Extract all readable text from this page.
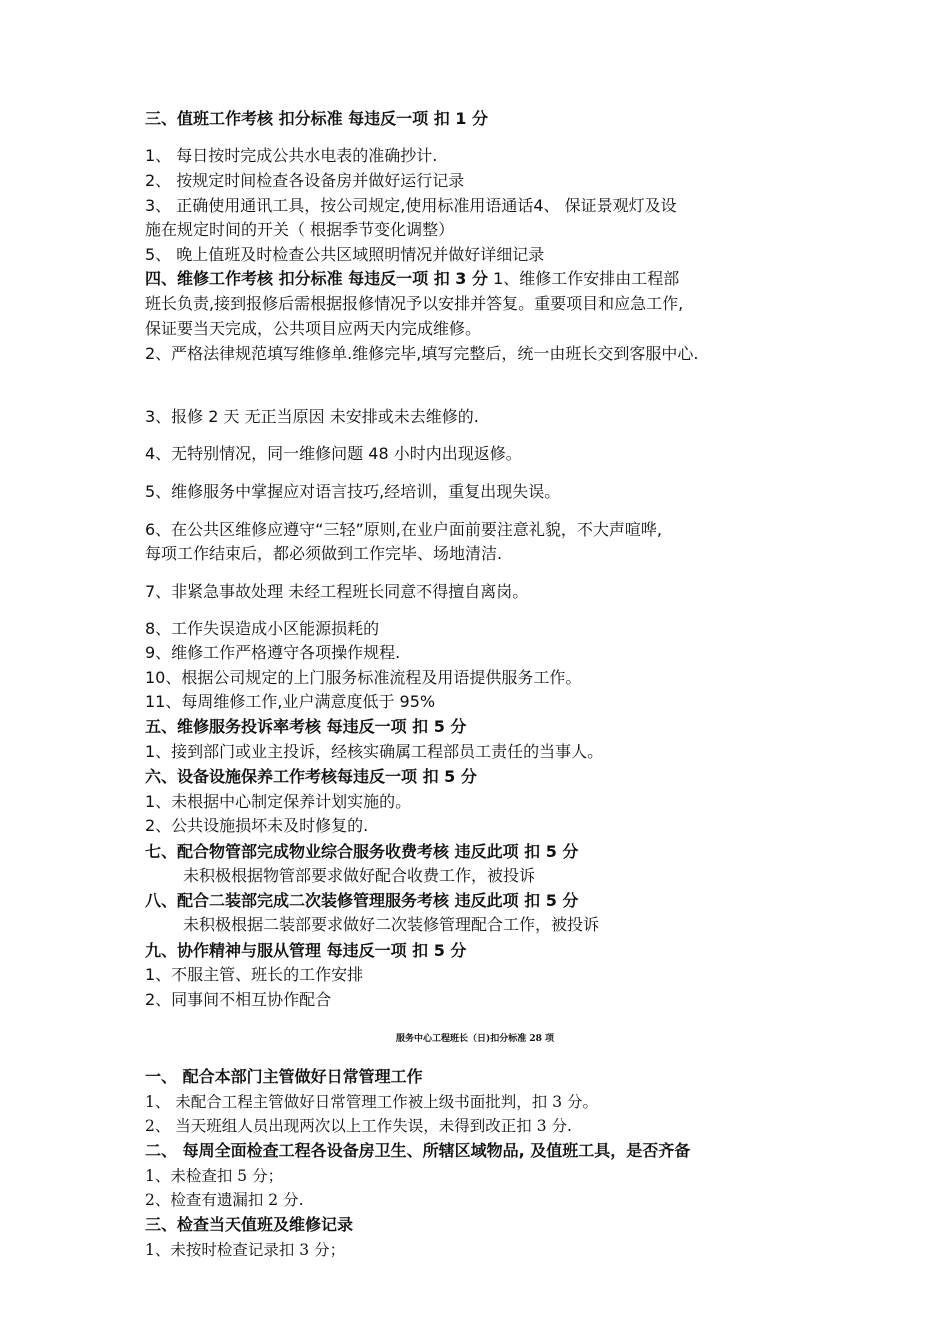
三、值班工作考核 扣分标准 每违反一项 扣 1 分
1、 每日按时完成公共水电表的准确抄计.
2、 按规定时间检查各设备房并做好运行记录
3、 正确使用通讯工具，按公司规定,使用标准用语通话4、 保证景观灯及设
施在规定时间的开关（ 根据季节变化调整）
5、 晚上值班及时检查公共区域照明情况并做好详细记录
四、维修工作考核 扣分标准 每违反一项 扣 3 分 1、维修工作安排由工程部
班长负责,接到报修后需根据报修情况予以安排并答复。重要项目和应急工作,
保证要当天完成，公共项目应两天内完成维修。
2、严格法律规范填写维修单.维修完毕,填写完整后，统一由班长交到客服中心.
3、报修 2 天 无正当原因 未安排或未去维修的.
4、无特别情况，同一维修问题 48 小时内出现返修。
5、维修服务中掌握应对语言技巧,经培训，重复出现失误。
6、在公共区维修应遵守“三轻”原则,在业户面前要注意礼貌，不大声喧哗,
每项工作结束后，都必须做到工作完毕、场地清洁.
7、非紧急事故处理 未经工程班长同意不得擅自离岗。
8、工作失误造成小区能源损耗的
9、维修工作严格遵守各项操作规程.
10、根据公司规定的上门服务标准流程及用语提供服务工作。
11、每周维修工作,业户满意度低于 95%
五、维修服务投诉率考核 每违反一项 扣 5 分
1、接到部门或业主投诉，经核实确属工程部员工责任的当事人。
六、设备设施保养工作考核每违反一项 扣 5 分
1、未根据中心制定保养计划实施的。
2、公共设施损坏未及时修复的.
七、配合物管部完成物业综合服务收费考核 违反此项 扣 5 分
未积极根据物管部要求做好配合收费工作，被投诉
八、配合二装部完成二次装修管理服务考核 违反此项 扣 5 分
未积极根据二装部要求做好二次装修管理配合工作，被投诉
九、协作精神与服从管理 每违反一项 扣 5 分
1、不服主管、班长的工作安排
2、同事间不相互协作配合
服务中心工程班长（日)扣分标准 28 项
一、 配合本部门主管做好日常管理工作
1、 未配合工程主管做好日常管理工作被上级书面批判，扣 3 分。
2、 当天班组人员出现两次以上工作失误，未得到改正扣 3 分.
二、 每周全面检查工程各设备房卫生、所辖区域物品, 及值班工具，是否齐备
1、未检查扣 5 分；
2、检查有遗漏扣 2 分.
三、检查当天值班及维修记录
1、未按时检查记录扣 3 分；
